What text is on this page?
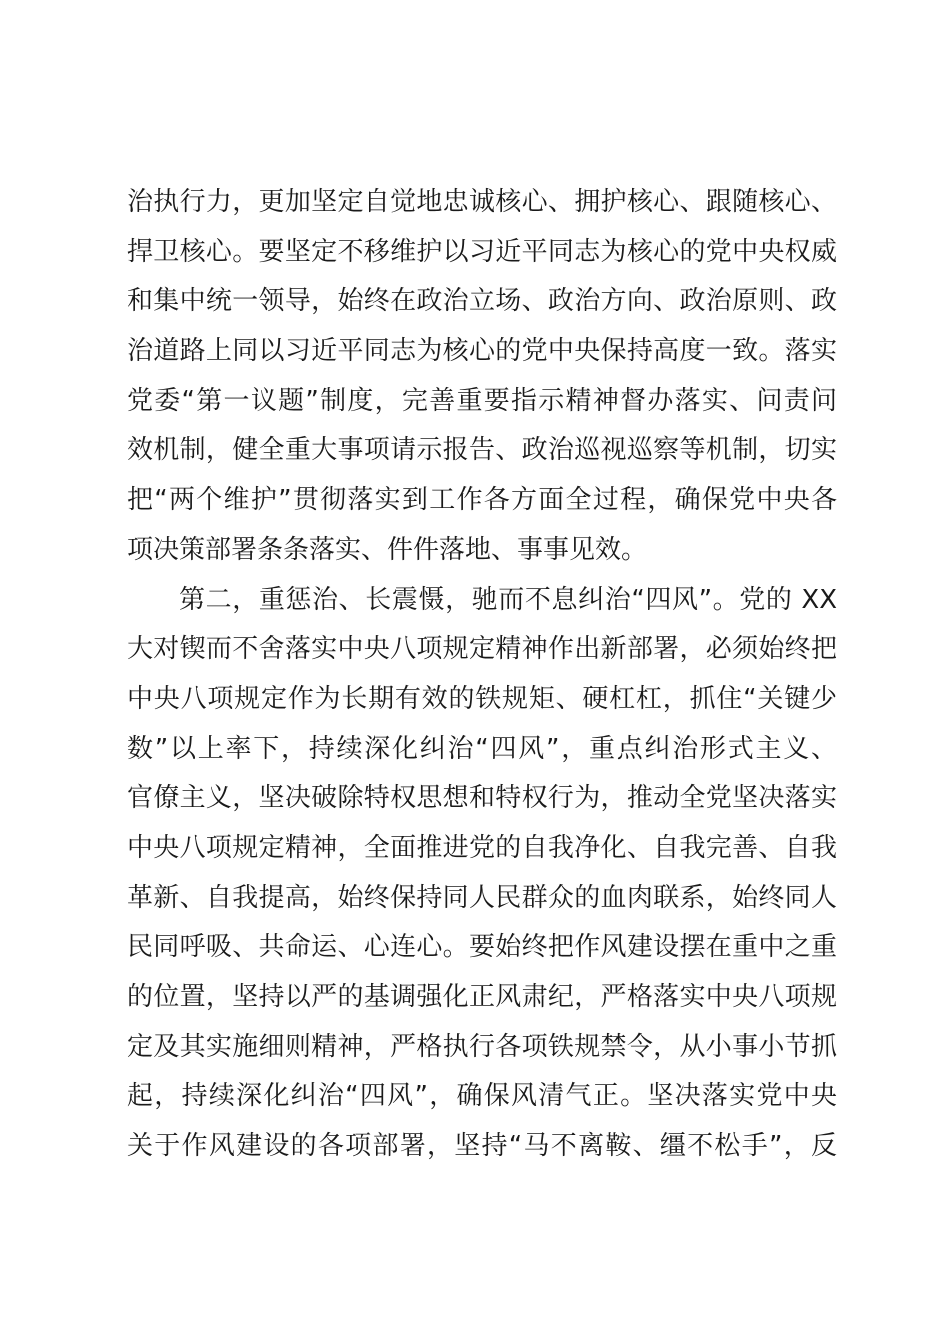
治执行力，更加坚定自觉地忠诚核心、拥护核心、跟随核心、
捍卫核心。要坚定不移维护以习近平同志为核心的党中央权威
和集中统一领导，始终在政治立场、政治方向、政治原则、政
治道路上同以习近平同志为核心的党中央保持高度一致。落实
党委“第一议题”制度，完善重要指示精神督办落实、问责问
效机制，健全重大事项请示报告、政治巡视巡察等机制，切实
把“两个维护”贯彻落实到工作各方面全过程，确保党中央各
项决策部署条条落实、件件落地、事事见效。
第二，重惩治、长震慑，驰而不息纠治“四风”。党的 XX
大对锲而不舍落实中央八项规定精神作出新部署，必须始终把
中央八项规定作为长期有效的铁规矩、硬杠杠，抓住“关键少
数”以上率下，持续深化纠治“四风”，重点纠治形式主义、
官僚主义，坚决破除特权思想和特权行为，推动全党坚决落实
中央八项规定精神，全面推进党的自我净化、自我完善、自我
革新、自我提高，始终保持同人民群众的血肉联系，始终同人
民同呼吸、共命运、心连心。要始终把作风建设摆在重中之重
的位置，坚持以严的基调强化正风肃纪，严格落实中央八项规
定及其实施细则精神，严格执行各项铁规禁令，从小事小节抓
起，持续深化纠治“四风”，确保风清气正。坚决落实党中央
关于作风建设的各项部署，坚持“马不离鞍、缰不松手”，反
